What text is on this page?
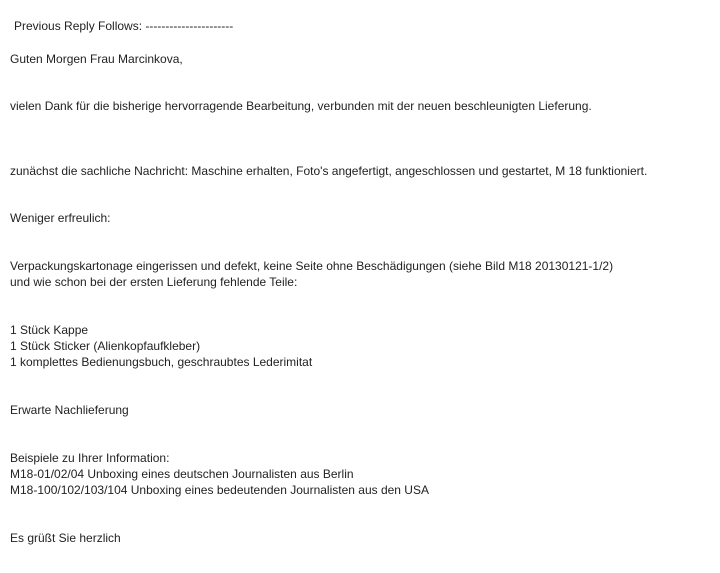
Previous Reply Follows: ----------------------
Guten Morgen Frau Marcinkova,
vielen Dank für die bisherige hervorragende Bearbeitung, verbunden mit der neuen beschleunigten Lieferung.
zunächst die sachliche Nachricht: Maschine erhalten, Foto's angefertigt, angeschlossen und gestartet, M 18 funktioniert.
Weniger erfreulich:
Verpackungskartonage eingerissen und defekt, keine Seite ohne Beschädigungen (siehe Bild M18 20130121-1/2)
und wie schon bei der ersten Lieferung fehlende Teile:
1 Stück Kappe
1 Stück Sticker (Alienkopfaufkleber)
1 komplettes Bedienungsbuch, geschraubtes Lederimitat
Erwarte Nachlieferung
Beispiele zu Ihrer Information:
M18-01/02/04 Unboxing eines deutschen Journalisten aus Berlin
M18-100/102/103/104 Unboxing eines bedeutenden Journalisten aus den USA
Es grüßt Sie herzlich
